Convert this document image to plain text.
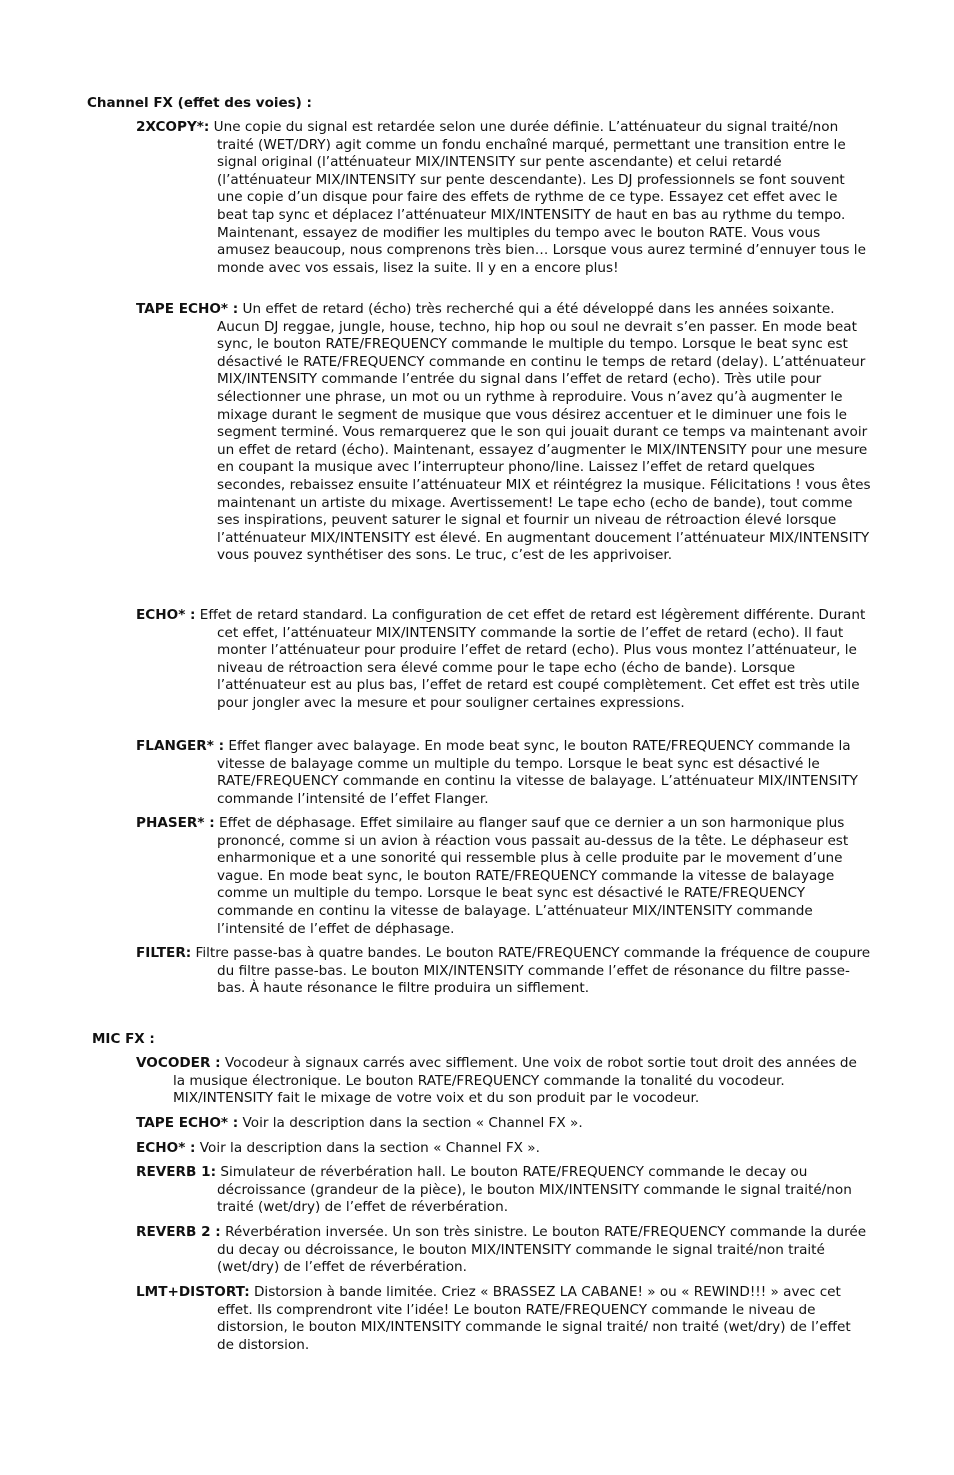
Channel FX (effet des voies) :

2XCOPY*: Une copie du signal est retardée selon une durée définie. L’atténuateur du signal traité/non traité (WET/DRY) agit comme un fondu enchaîné marqué, permettant une transition entre le signal original (l’atténuateur MIX/INTENSITY sur pente ascendante) et celui retardé (l’atténuateur MIX/INTENSITY sur pente descendante). Les DJ professionnels se font souvent une copie d’un disque pour faire des effets de rythme de ce type. Essayez cet effet avec le beat tap sync et déplacez l’atténuateur MIX/INTENSITY de haut en bas au rythme du tempo. Maintenant, essayez de modifier les multiples du tempo avec le bouton RATE. Vous vous amusez beaucoup, nous comprenons très bien… Lorsque vous aurez terminé d’ennuyer tous le monde avec vos essais, lisez la suite. Il y en a encore plus!

TAPE ECHO* : Un effet de retard (écho) très recherché qui a été développé dans les années soixante. Aucun DJ reggae, jungle, house, techno, hip hop ou soul ne devrait s’en passer. En mode beat sync, le bouton RATE/FREQUENCY commande le multiple du tempo. Lorsque le beat sync est désactivé le RATE/FREQUENCY commande en continu le temps de retard (delay). L’atténuateur MIX/INTENSITY commande l’entrée du signal dans l’effet de retard (echo). Très utile pour sélectionner une phrase, un mot ou un rythme à reproduire. Vous n’avez qu’à augmenter le mixage durant le segment de musique que vous désirez accentuer et le diminuer une fois le segment terminé. Vous remarquerez que le son qui jouait durant ce temps va maintenant avoir un effet de retard (écho). Maintenant, essayez d’augmenter le MIX/INTENSITY pour une mesure en coupant la musique avec l’interrupteur phono/line. Laissez l’effet de retard quelques secondes, rebaissez ensuite l’atténuateur MIX et réintégrez la musique. Félicitations ! vous êtes maintenant un artiste du mixage. Avertissement! Le tape echo (echo de bande), tout comme ses inspirations, peuvent saturer le signal et fournir un niveau de rétroaction élevé lorsque l’atténuateur MIX/INTENSITY est élevé. En augmentant doucement l’atténuateur MIX/INTENSITY vous pouvez synthétiser des sons. Le truc, c’est de les apprivoiser.

ECHO* : Effet de retard standard. La configuration de cet effet de retard est légèrement différente. Durant cet effet, l’atténuateur MIX/INTENSITY commande la sortie de l’effet de retard (echo). Il faut monter l’atténuateur pour produire l’effet de retard (echo). Plus vous montez l’atténuateur, le niveau de rétroaction sera élevé comme pour le tape echo (écho de bande). Lorsque l’atténuateur est au plus bas, l’effet de retard est coupé complètement. Cet effet est très utile pour jongler avec la mesure et pour souligner certaines expressions.

FLANGER* : Effet flanger avec balayage. En mode beat sync, le bouton RATE/FREQUENCY commande la vitesse de balayage comme un multiple du tempo. Lorsque le beat sync est désactivé le RATE/FREQUENCY commande en continu la vitesse de balayage. L’atténuateur MIX/INTENSITY commande l’intensité de l’effet Flanger.

PHASER* : Effet de déphasage. Effet similaire au flanger sauf que ce dernier a un son harmonique plus prononcé, comme si un avion à réaction vous passait au-dessus de la tête. Le déphaseur est enharmonique et a une sonorité qui ressemble plus à celle produite par le movement d’une vague. En mode beat sync, le bouton RATE/FREQUENCY commande la vitesse de balayage comme un multiple du tempo. Lorsque le beat sync est désactivé le RATE/FREQUENCY commande en continu la vitesse de balayage. L’atténuateur MIX/INTENSITY commande l’intensité de l’effet de déphasage.

FILTER: Filtre passe-bas à quatre bandes. Le bouton RATE/FREQUENCY commande la fréquence de coupure du filtre passe-bas. Le bouton MIX/INTENSITY commande l’effet de résonance du filtre passe-bas. À haute résonance le filtre produira un sifflement.

MIC FX :

VOCODER : Vocodeur à signaux carrés avec sifflement. Une voix de robot sortie tout droit des années de la musique électronique. Le bouton RATE/FREQUENCY commande la tonalité du vocodeur. MIX/INTENSITY fait le mixage de votre voix et du son produit par le vocodeur.

TAPE ECHO* : Voir la description dans la section « Channel FX ».

ECHO* : Voir la description dans la section « Channel FX ».

REVERB 1: Simulateur de réverbération hall. Le bouton RATE/FREQUENCY commande le decay ou décroissance (grandeur de la pièce), le bouton MIX/INTENSITY commande le signal traité/non traité (wet/dry) de l’effet de réverbération.

REVERB 2 : Réverbération inversée. Un son très sinistre. Le bouton RATE/FREQUENCY commande la durée du decay ou décroissance, le bouton MIX/INTENSITY commande le signal traité/non traité (wet/dry) de l’effet de réverbération.

LMT+DISTORT: Distorsion à bande limitée. Criez « BRASSEZ LA CABANE! » ou « REWIND!!! » avec cet effet. Ils comprendront vite l’idée! Le bouton RATE/FREQUENCY commande le niveau de distorsion, le bouton MIX/INTENSITY commande le signal traité/ non traité (wet/dry) de l’effet de distorsion.
